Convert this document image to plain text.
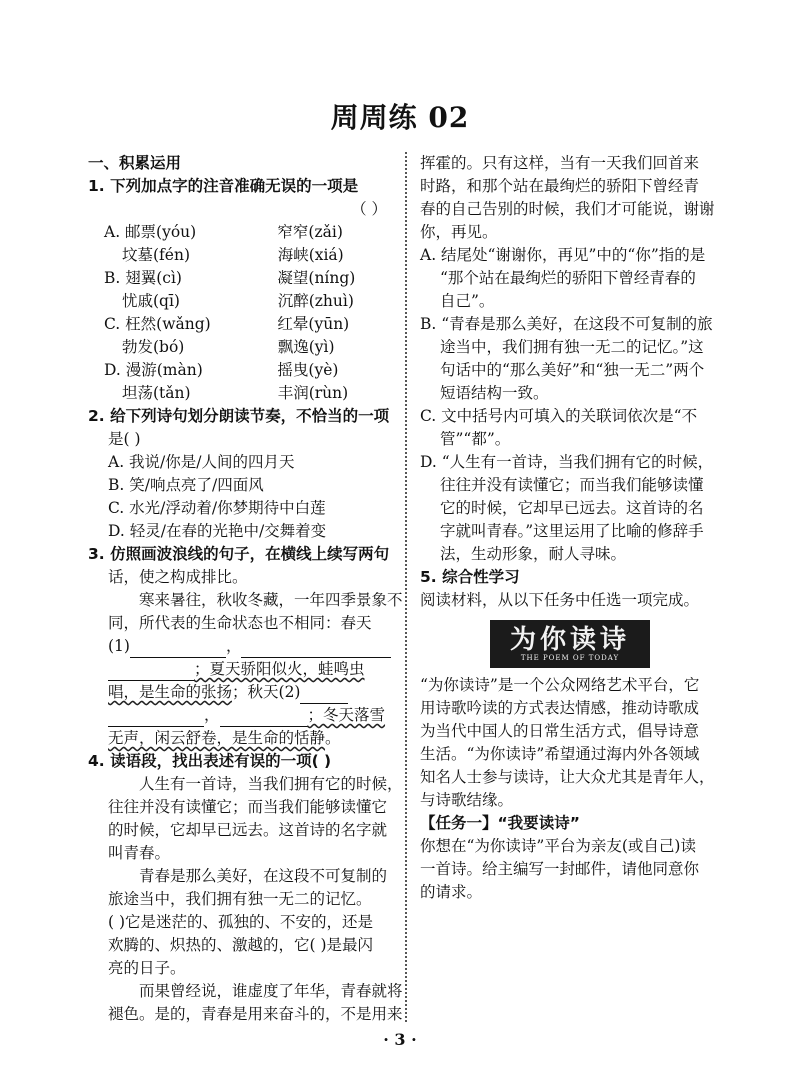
周周练 02
一、积累运用
1. 下列加点字的注音准确无误的一项是
（ ）
A. 邮票(yóu)	窄窄(zǎi)
坟墓(fén)	海峡(xiá)
B. 翅翼(cì)	凝望(níng)
忧戚(qī)	沉醉(zhuì)
C. 枉然(wǎng)	红晕(yūn)
勃发(bó)	飘逸(yì)
D. 漫游(màn)	摇曳(yè)
坦荡(tǎn)	丰润(rùn)
2. 给下列诗句划分朗读节奏，不恰当的一项
是( )
A. 我说/你是/人间的四月天
B. 笑/响点亮了/四面风
C. 水光/浮动着/你梦期待中白莲
D. 轻灵/在春的光艳中/交舞着变
3. 仿照画波浪线的句子，在横线上续写两句
话，使之构成排比。
寒来暑往，秋收冬藏，一年四季景象不
同，所代表的生命状态也不相同：春天
(1)	，
；夏天骄阳似火，蛙鸣虫
唱，是生命的张扬；秋天(2)
，	；冬天落雪
无声，闲云舒卷，是生命的恬静。
4. 读语段，找出表述有误的一项( )
人生有一首诗，当我们拥有它的时候，
往往并没有读懂它；而当我们能够读懂它
的时候，它却早已远去。这首诗的名字就
叫青春。
青春是那么美好，在这段不可复制的
旅途当中，我们拥有独一无二的记忆。
( )它是迷茫的、孤独的、不安的，还是
欢腾的、炽热的、激越的，它( )是最闪
亮的日子。
而果曾经说，谁虚度了年华，青春就将
褪色。是的，青春是用来奋斗的，不是用来
挥霍的。只有这样，当有一天我们回首来
时路，和那个站在最绚烂的骄阳下曾经青
春的自己告别的时候，我们才可能说，谢谢
你，再见。
A. 结尾处“谢谢你，再见”中的“你”指的是
“那个站在最绚烂的骄阳下曾经青春的
自己”。
B. “青春是那么美好，在这段不可复制的旅
途当中，我们拥有独一无二的记忆。”这
句话中的“那么美好”和“独一无二”两个
短语结构一致。
C. 文中括号内可填入的关联词依次是“不
管”“都”。
D. “人生有一首诗，当我们拥有它的时候，
往往并没有读懂它；而当我们能够读懂
它的时候，它却早已远去。这首诗的名
字就叫青春。”这里运用了比喻的修辞手
法，生动形象，耐人寻味。
5. 综合性学习
阅读材料，从以下任务中任选一项完成。
为你读诗
THE POEM OF TODAY
“为你读诗”是一个公众网络艺术平台，它
用诗歌吟读的方式表达情感，推动诗歌成
为当代中国人的日常生活方式，倡导诗意
生活。“为你读诗”希望通过海内外各领域
知名人士参与读诗，让大众尤其是青年人，
与诗歌结缘。
【任务一】“我要读诗”
你想在“为你读诗”平台为亲友(或自己)读
一首诗。给主编写一封邮件，请他同意你
的请求。
· 3 ·
